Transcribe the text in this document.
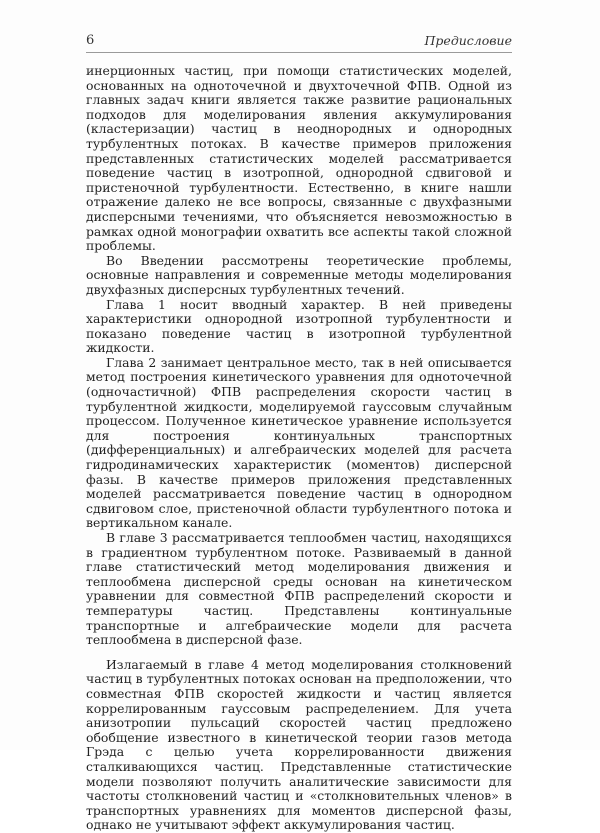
6	Предисловие

инерционных частиц, при помощи статистических моделей, основанных на одноточечной и двухточечной ФПВ. Одной из главных задач книги является также развитие рациональных подходов для моделирования явления аккумулирования (кластеризации) частиц в неоднородных и однородных турбулентных потоках. В качестве примеров приложения представленных статистических моделей рассматривается поведение частиц в изотропной, однородной сдвиговой и пристеночной турбулентности. Естественно, в книге нашли отражение далеко не все вопросы, связанные с двухфазными дисперсными течениями, что объясняется невозможностью в рамках одной монографии охватить все аспекты такой сложной проблемы.

Во Введении рассмотрены теоретические проблемы, основные направления и современные методы моделирования двухфазных дисперсных турбулентных течений.

Глава 1 носит вводный характер. В ней приведены характеристики однородной изотропной турбулентности и показано поведение частиц в изотропной турбулентной жидкости.

Глава 2 занимает центральное место, так в ней описывается метод построения кинетического уравнения для одноточечной (одночастичной) ФПВ распределения скорости частиц в турбулентной жидкости, моделируемой гауссовым случайным процессом. Полученное кинетическое уравнение используется для построения континуальных транспортных (дифференциальных) и алгебраических моделей для расчета гидродинамических характеристик (моментов) дисперсной фазы. В качестве примеров приложения представленных моделей рассматривается поведение частиц в однородном сдвиговом слое, пристеночной области турбулентного потока и вертикальном канале.

В главе 3 рассматривается теплообмен частиц, находящихся в градиентном турбулентном потоке. Развиваемый в данной главе статистический метод моделирования движения и теплообмена дисперсной среды основан на кинетическом уравнении для совместной ФПВ распределений скорости и температуры частиц. Представлены континуальные транспортные и алгебраические модели для расчета теплообмена в дисперсной фазе.

Излагаемый в главе 4 метод моделирования столкновений частиц в турбулентных потоках основан на предположении, что совместная ФПВ скоростей жидкости и частиц является коррелированным гауссовым распределением. Для учета анизотропии пульсаций скоростей частиц предложено обобщение известного в кинетической теории газов метода Грэда с целью учета коррелированности движения сталкивающихся частиц. Представленные статистические модели позволяют получить аналитические зависимости для частоты столкновений частиц и «столкновительных членов» в транспортных уравнениях для моментов дисперсной фазы, однако не учитывают эффект аккумулирования частиц.
